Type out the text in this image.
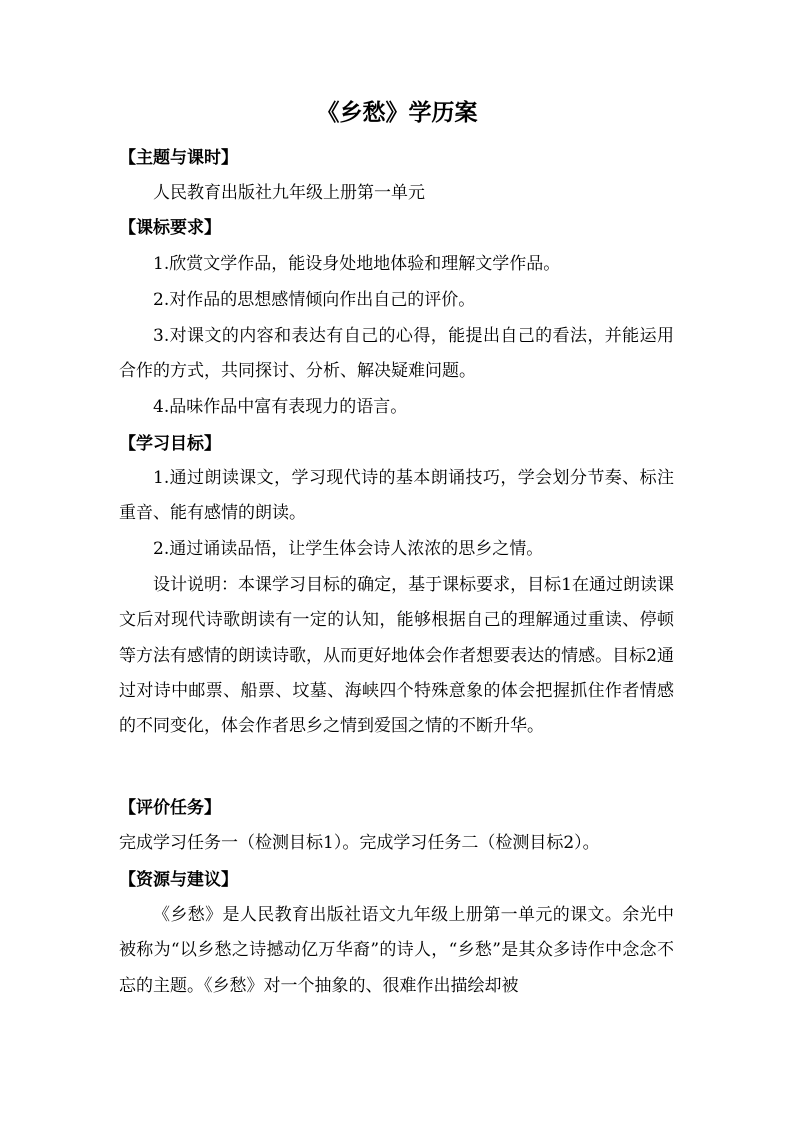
《乡愁》学历案
【主题与课时】

人民教育出版社九年级上册第一单元

【课标要求】

1.欣赏文学作品，能设身处地地体验和理解文学作品。

2.对作品的思想感情倾向作出自己的评价。

3.对课文的内容和表达有自己的心得，能提出自己的看法，并能运用合作的方式，共同探讨、分析、解决疑难问题。

4.品味作品中富有表现力的语言。

【学习目标】

1.通过朗读课文，学习现代诗的基本朗诵技巧，学会划分节奏、标注重音、能有感情的朗读。

2.通过诵读品悟，让学生体会诗人浓浓的思乡之情。

设计说明：本课学习目标的确定，基于课标要求，目标1在通过朗读课文后对现代诗歌朗读有一定的认知，能够根据自己的理解通过重读、停顿等方法有感情的朗读诗歌，从而更好地体会作者想要表达的情感。目标2通过对诗中邮票、船票、坟墓、海峡四个特殊意象的体会把握抓住作者情感的不同变化，体会作者思乡之情到爱国之情的不断升华。

【评价任务】

完成学习任务一（检测目标1）。完成学习任务二（检测目标2）。

【资源与建议】

《乡愁》是人民教育出版社语文九年级上册第一单元的课文。余光中被称为“以乡愁之诗撼动亿万华裔”的诗人，“乡愁”是其众多诗作中念念不忘的主题。《乡愁》对一个抽象的、很难作出描绘却被
